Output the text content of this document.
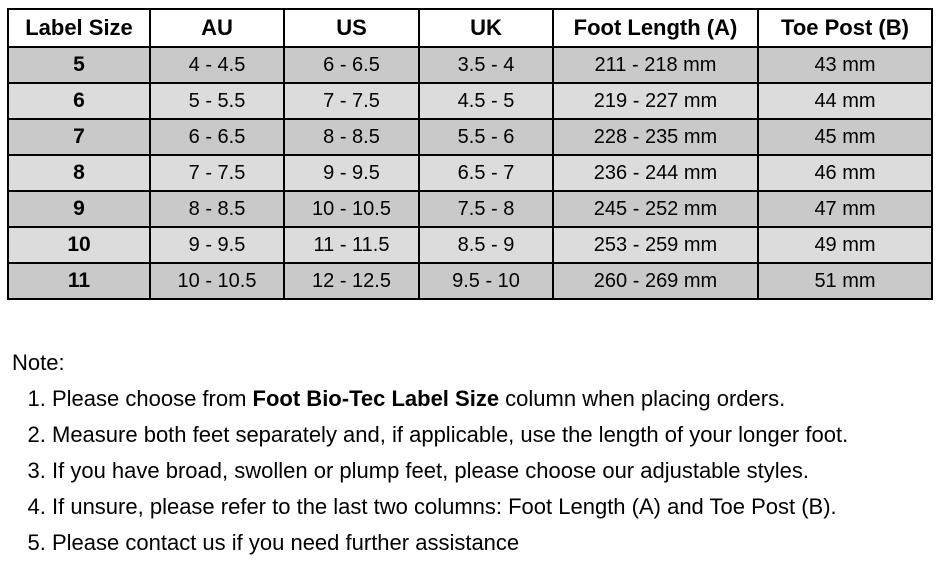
Label Size	AU	US	UK	Foot Length (A)	Toe Post (B)
5	4 - 4.5	6 - 6.5	3.5 - 4	211 - 218 mm	43 mm
6	5 - 5.5	7 - 7.5	4.5 - 5	219 - 227 mm	44 mm
7	6 - 6.5	8 - 8.5	5.5 - 6	228 - 235 mm	45 mm
8	7 - 7.5	9 - 9.5	6.5 - 7	236 - 244 mm	46 mm
9	8 - 8.5	10 - 10.5	7.5 - 8	245 - 252 mm	47 mm
10	9 - 9.5	11 - 11.5	8.5 - 9	253 - 259 mm	49 mm
11	10 - 10.5	12 - 12.5	9.5 - 10	260 - 269 mm	51 mm

Note:

1. Please choose from Foot Bio-Tec Label Size column when placing orders.
2. Measure both feet separately and, if applicable, use the length of your longer foot.
3. If you have broad, swollen or plump feet, please choose our adjustable styles.
4. If unsure, please refer to the last two columns: Foot Length (A) and Toe Post (B).
5. Please contact us if you need further assistance
